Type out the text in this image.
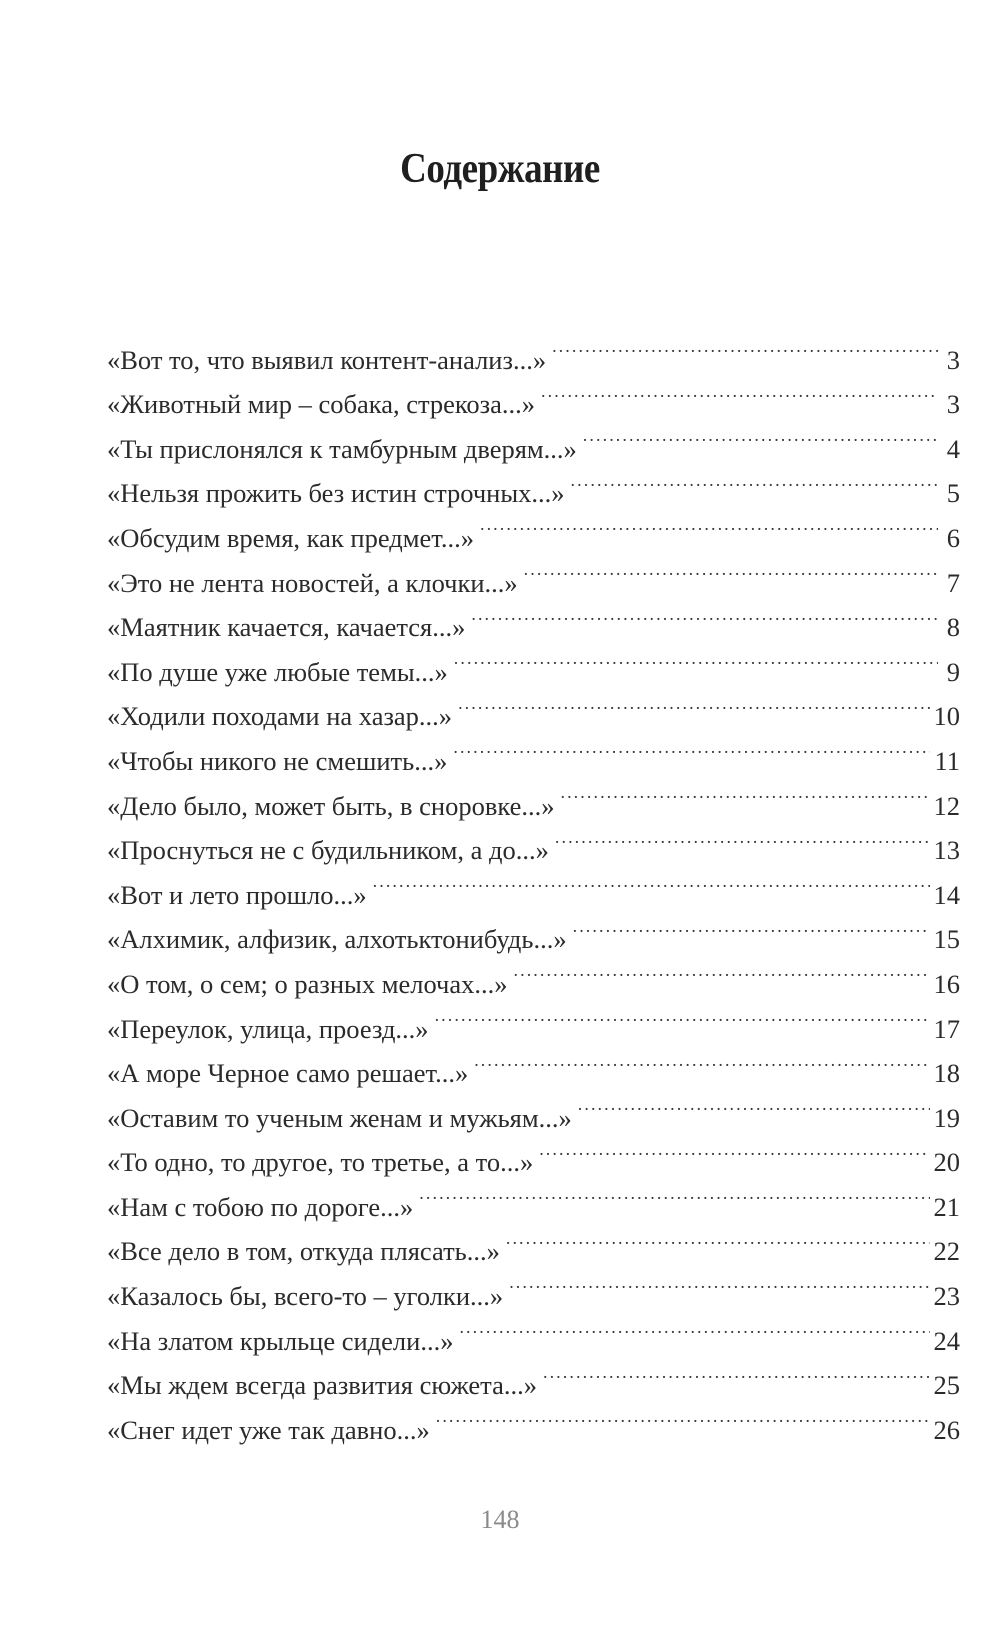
Содержание
«Вот то, что выявил контент-анализ...» . . .	3
«Животный мир – собака, стрекоза...» . . .	3
«Ты прислонялся к тамбурным дверям...» . . .	4
«Нельзя прожить без истин строчных...» . . .	5
«Обсудим время, как предмет...» . . .	6
«Это не лента новостей, а клочки...» . . .	7
«Маятник качается, качается...» . . .	8
«По душе уже любые темы...» . . .	9
«Ходили походами на хазар...» . . .	10
«Чтобы никого не смешить...» . . .	11
«Дело было, может быть, в сноровке...» . . .	12
«Проснуться не с будильником, а до...» . . .	13
«Вот и лето прошло...» . . .	14
«Алхимик, алфизик, алхотьктонибудь...» . . .	15
«О том, о сем; о разных мелочах...» . . .	16
«Переулок, улица, проезд...» . . .	17
«А море Черное само решает...» . . .	18
«Оставим то ученым женам и мужьям...» . . .	19
«То одно, то другое, то третье, а то...» . . .	20
«Нам с тобою по дороге...» . . .	21
«Все дело в том, откуда плясать...» . . .	22
«Казалось бы, всего-то – уголки...» . . .	23
«На златом крыльце сидели...» . . .	24
«Мы ждем всегда развития сюжета...» . . .	25
«Снег идет уже так давно...» . . .	26
148
